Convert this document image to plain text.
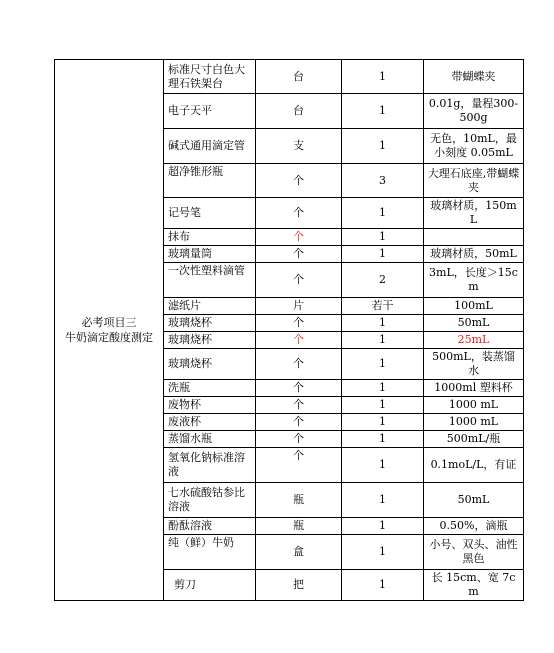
必考项目三
牛奶滴定酸度测定	标准尺寸白色大理石铁架台	台	1	带蝴蝶夹
	电子天平	台	1	0.01g，量程300-500g
	碱式通用滴定管	支	1	无色，10mL，最小刻度 0.05mL
	超净锥形瓶	个	3	大理石底座,带蝴蝶夹
	记号笔	个	1	玻璃材质，150mL
	抹布	个	1	
	玻璃量筒	个	1	玻璃材质，50mL
	一次性塑料滴管	个	2	3mL，长度＞15cm
	滤纸片	片	若干	100mL
	玻璃烧杯	个	1	50mL
	玻璃烧杯	个	1	25mL
	玻璃烧杯	个	1	500mL，装蒸馏水
	洗瓶	个	1	1000ml 塑料杯
	废物杯	个	1	1000 mL
	废液杯	个	1	1000 mL
	蒸馏水瓶	个	1	500mL/瓶
	氢氧化钠标准溶液	个	1	0.1moL/L，有证
	七水硫酸钴参比溶液	瓶	1	50mL
	酚酞溶液	瓶	1	0.50%，滴瓶
	纯（鲜）牛奶	盒	1	小号、双头、油性黑色
	剪刀	把	1	长 15cm、宽 7cm
